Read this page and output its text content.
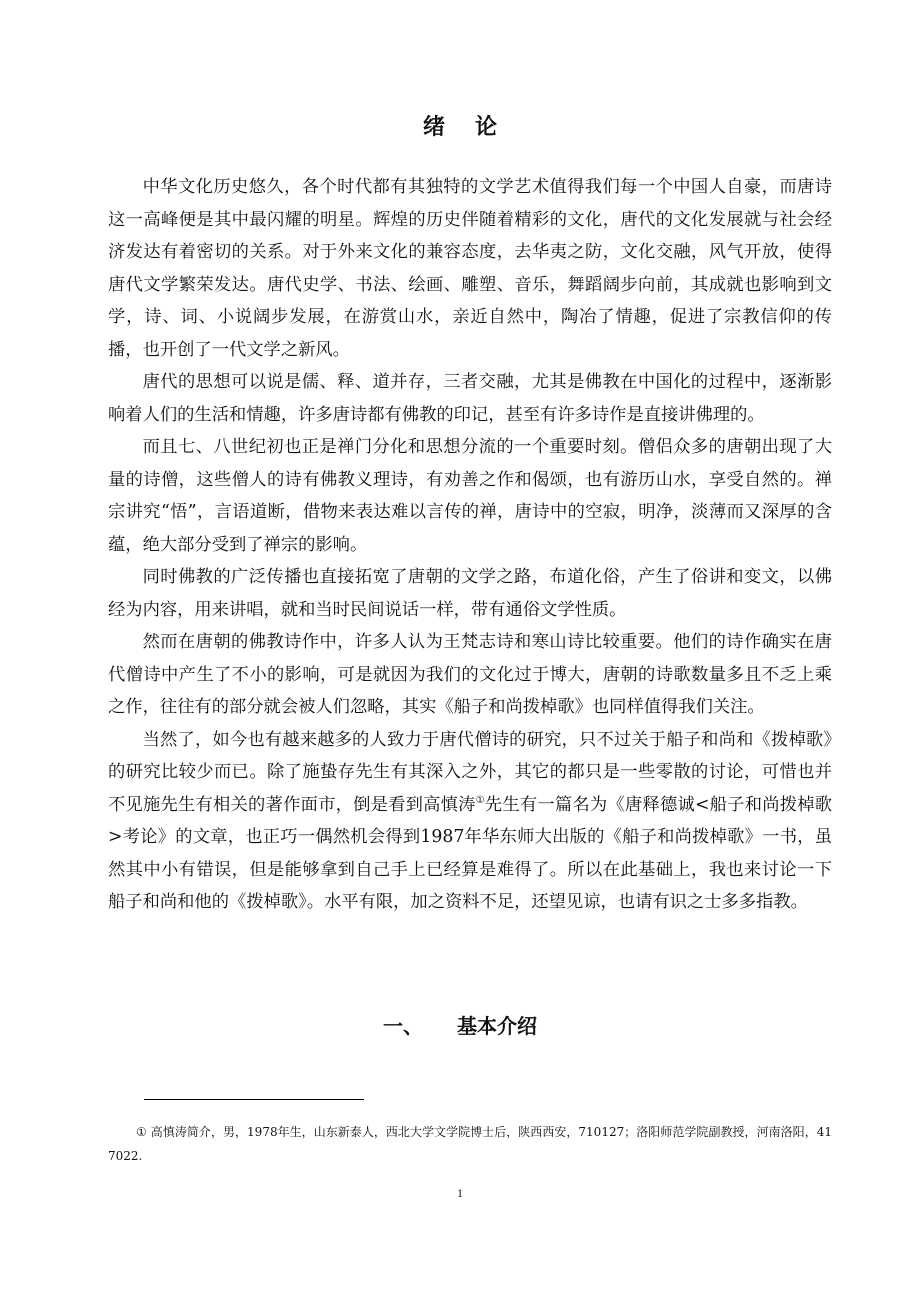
绪论

中华文化历史悠久，各个时代都有其独特的文学艺术值得我们每一个中国人自豪，而唐诗这一高峰便是其中最闪耀的明星。辉煌的历史伴随着精彩的文化，唐代的文化发展就与社会经济发达有着密切的关系。对于外来文化的兼容态度，去华夷之防，文化交融，风气开放，使得唐代文学繁荣发达。唐代史学、书法、绘画、雕塑、音乐，舞蹈阔步向前，其成就也影响到文学，诗、词、小说阔步发展，在游赏山水，亲近自然中，陶冶了情趣，促进了宗教信仰的传播，也开创了一代文学之新风。

唐代的思想可以说是儒、释、道并存，三者交融，尤其是佛教在中国化的过程中，逐渐影响着人们的生活和情趣，许多唐诗都有佛教的印记，甚至有许多诗作是直接讲佛理的。

而且七、八世纪初也正是禅门分化和思想分流的一个重要时刻。僧侣众多的唐朝出现了大量的诗僧，这些僧人的诗有佛教义理诗，有劝善之作和偈颂，也有游历山水，享受自然的。禅宗讲究“悟”，言语道断，借物来表达难以言传的禅，唐诗中的空寂，明净，淡薄而又深厚的含蕴，绝大部分受到了禅宗的影响。

同时佛教的广泛传播也直接拓宽了唐朝的文学之路，布道化俗，产生了俗讲和变文，以佛经为内容，用来讲唱，就和当时民间说话一样，带有通俗文学性质。

然而在唐朝的佛教诗作中，许多人认为王梵志诗和寒山诗比较重要。他们的诗作确实在唐代僧诗中产生了不小的影响，可是就因为我们的文化过于博大，唐朝的诗歌数量多且不乏上乘之作，往往有的部分就会被人们忽略，其实《船子和尚拨棹歌》也同样值得我们关注。

当然了，如今也有越来越多的人致力于唐代僧诗的研究，只不过关于船子和尚和《拨棹歌》的研究比较少而已。除了施蛰存先生有其深入之外，其它的都只是一些零散的讨论，可惜也并不见施先生有相关的著作面市，倒是看到高慎涛①先生有一篇名为《唐释德诚<船子和尚拨棹歌>考论》的文章，也正巧一偶然机会得到1987年华东师大出版的《船子和尚拨棹歌》一书，虽然其中小有错误，但是能够拿到自己手上已经算是难得了。所以在此基础上，我也来讨论一下船子和尚和他的《拨棹歌》。水平有限，加之资料不足，还望见谅，也请有识之士多多指教。

一、 基本介绍
① 高慎涛简介，男，1978年生，山东新泰人，西北大学文学院博士后，陕西西安，710127；洛阳师范学院副教授，河南洛阳，417022.
1
